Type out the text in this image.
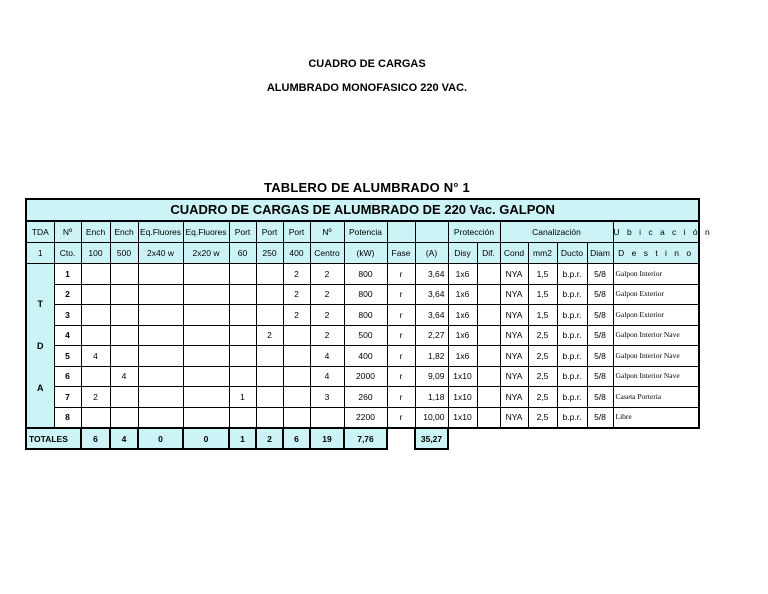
CUADRO DE CARGAS
ALUMBRADO MONOFASICO 220 VAC.
TABLERO DE ALUMBRADO N° 1
CUADRO DE CARGAS DE ALUMBRADO DE 220 Vac. GALPON																			
TDA	Nº	Ench	Ench	Eq.Fluores	Eq.Fluores	Port	Port	Port	Nº	Potencia			Protección		Canalización				U b i c a c i ó n
1	Cto.	100	500	2x40 w	2x20 w	60	250	400	Centro	(kW)	Fase	(A)	Disy	Dif.	Cond	mm2	Ducto	Diam	D e s t i n o

T
D
A	1							2	2	800	r	3,64	1x6		NYA	1,5	b.p.r.	5/8	Galpon Interior
	2							2	2	800	r	3,64	1x6		NYA	1,5	b.p.r.	5/8	Galpon Exterior
	3							2	2	800	r	3,64	1x6		NYA	1,5	b.p.r.	5/8	Galpon Exterior
	4						2		2	500	r	2,27	1x6		NYA	2,5	b.p.r.	5/8	Galpon Interior Nave
	5	4							4	400	r	1,82	1x6		NYA	2,5	b.p.r.	5/8	Galpon Interior Nave
	6		4						4	2000	r	9,09	1x10		NYA	2,5	b.p.r.	5/8	Galpon Interior Nave
	7	2				1			3	260	r	1,18	1x10		NYA	2,5	b.p.r.	5/8	Caseta Porteria
	8									2200	r	10,00	1x10		NYA	2,5	b.p.r.	5/8	Libre
TOTALES		6	4	0	0	1	2	6	19	7,76		35,27							
